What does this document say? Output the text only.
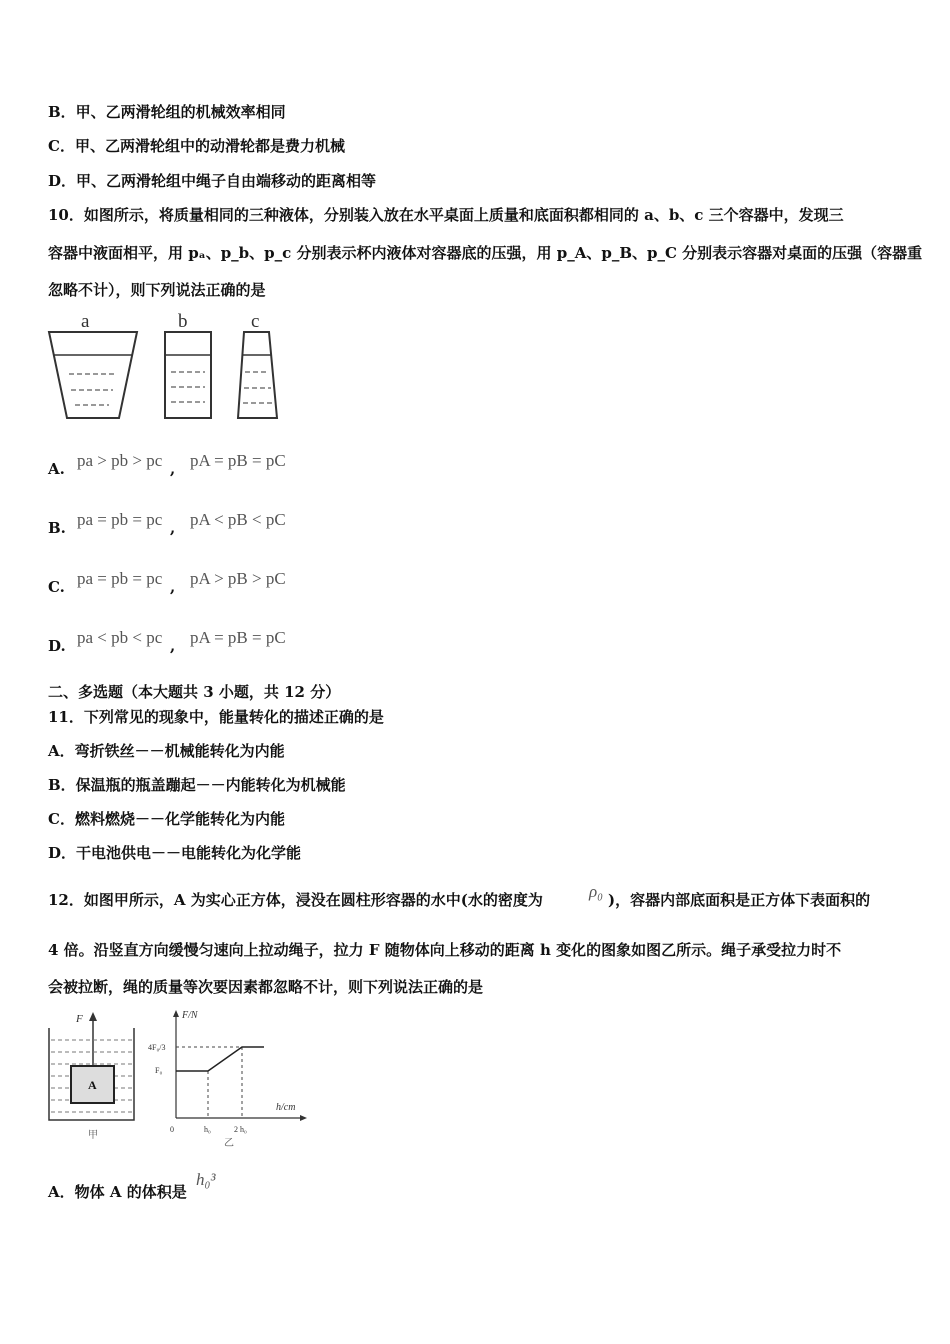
B．甲、乙两滑轮组的机械效率相同
C．甲、乙两滑轮组中的动滑轮都是费力机械
D．甲、乙两滑轮组中绳子自由端移动的距离相等
10．如图所示，将质量相同的三种液体，分别装入放在水平桌面上质量和底面积都相同的 a、b、c 三个容器中，发现三
容器中液面相平，用 pₐ、p_b、p_c 分别表示杯内液体对容器底的压强，用 p_A、p_B、p_C 分别表示容器对桌面的压强（容器重
忽略不计），则下列说法正确的是
a	b	c
A. pa > pb > pc , pA = pB = pC
B. pa = pb = pc , pA < pB < pC
C. pa = pb = pc , pA > pB > pC
D. pa < pb < pc , pA = pB = pC
二、多选题（本大题共 3 小题，共 12 分）
11．下列常见的现象中，能量转化的描述正确的是
A．弯折铁丝－－机械能转化为内能
B．保温瓶的瓶盖蹦起－－内能转化为机械能
C．燃料燃烧－－化学能转化为内能
D．干电池供电－－电能转化为化学能
12．如图甲所示，A 为实心正方体，浸没在圆柱形容器的水中(水的密度为	ρ₀ )，容器内部底面积是正方体下表面积的
4 倍。沿竖直方向缓慢匀速向上拉动绳子，拉力 F 随物体向上移动的距离 h 变化的图象如图乙所示。绳子承受拉力时不
会被拉断，绳的质量等次要因素都忽略不计，则下列说法正确的是
F
A
甲
F/N
h/cm
4F₀/3
F₀
0	h₀	2 h₀
乙
A．物体 A 的体积是
h₀³
